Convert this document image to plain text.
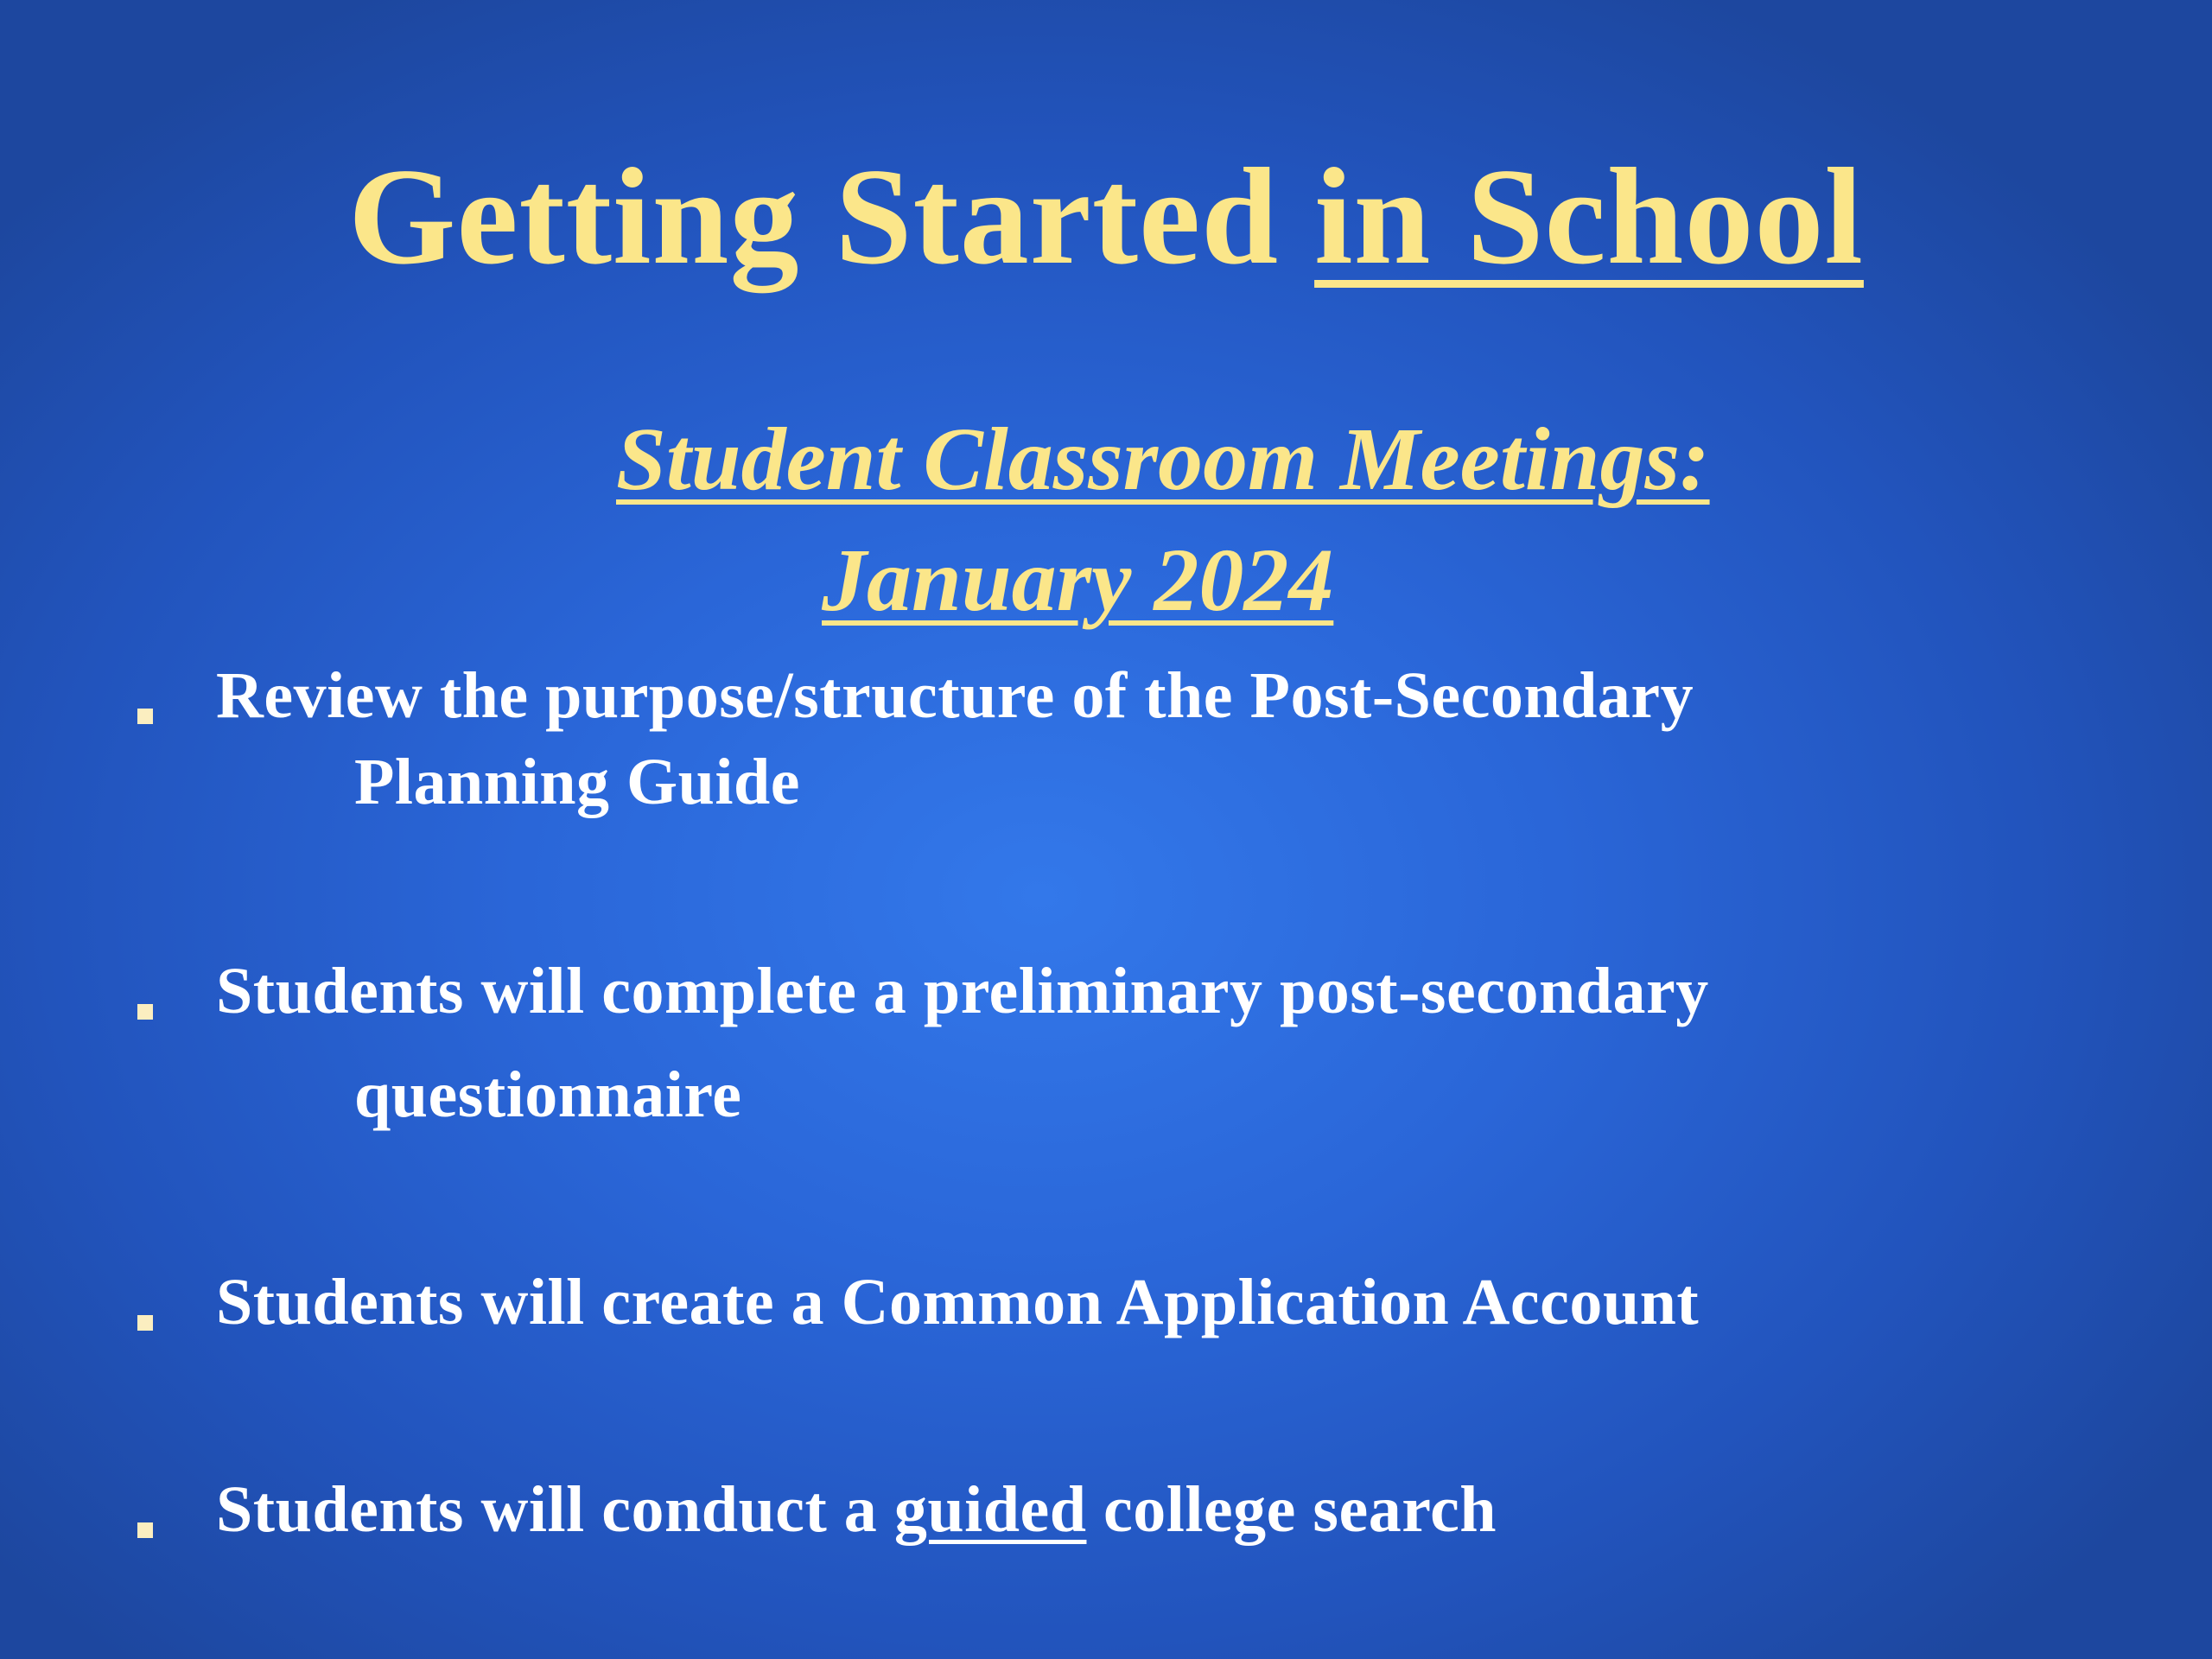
Getting Started in School
Student Classroom Meetings:
January 2024
Review the purpose/structure of the Post-Secondary
Planning Guide
Students will complete a preliminary post-secondary
questionnaire
Students will create a Common Application Account
Students will conduct a guided college search
